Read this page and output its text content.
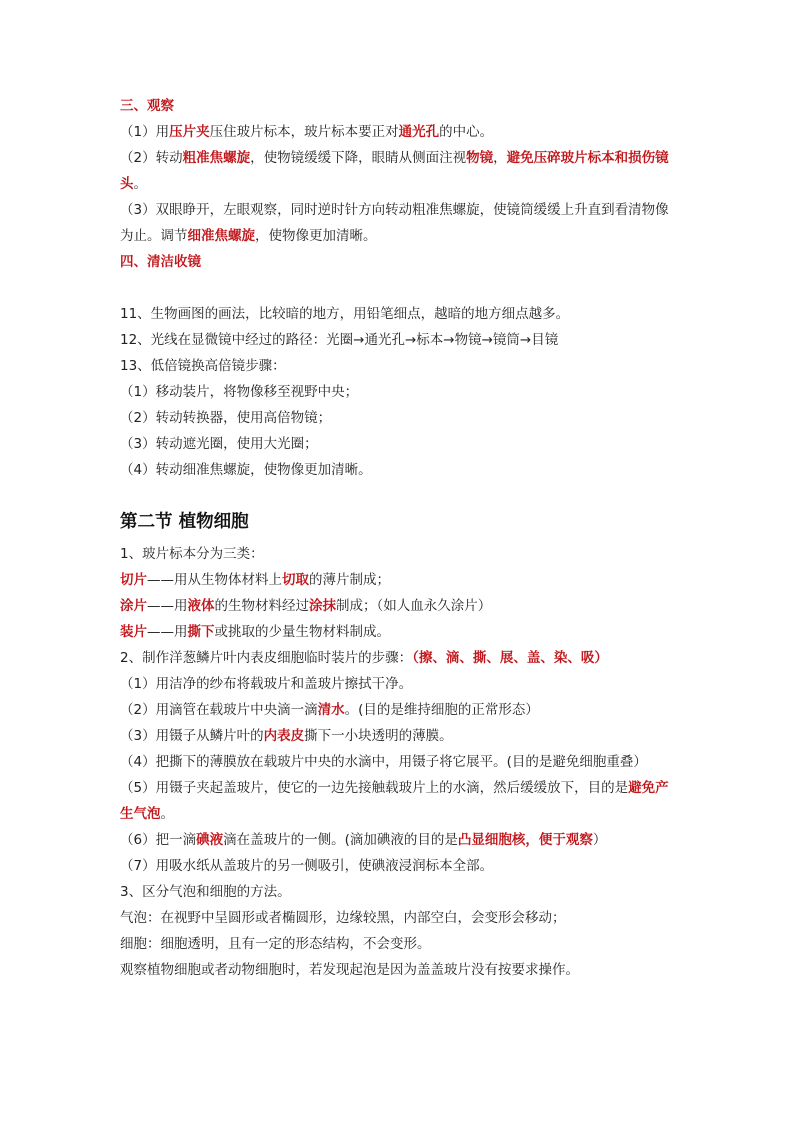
三、观察

（1）用压片夹压住玻片标本，玻片标本要正对通光孔的中心。

（2）转动粗准焦螺旋，使物镜缓缓下降，眼睛从侧面注视物镜，避免压碎玻片标本和损伤镜头。

（3）双眼睁开，左眼观察，同时逆时针方向转动粗准焦螺旋，使镜筒缓缓上升直到看清物像为止。调节细准焦螺旋，使物像更加清晰。

四、清洁收镜

11、生物画图的画法，比较暗的地方，用铅笔细点，越暗的地方细点越多。

12、光线在显微镜中经过的路径：光圈→通光孔→标本→物镜→镜筒→目镜

13、低倍镜换高倍镜步骤：

（1）移动装片，将物像移至视野中央；

（2）转动转换器，使用高倍物镜；

（3）转动遮光圈，使用大光圈；

（4）转动细准焦螺旋，使物像更加清晰。

第二节 植物细胞

1、玻片标本分为三类：

切片——用从生物体材料上切取的薄片制成；

涂片——用液体的生物材料经过涂抹制成；（如人血永久涂片）

装片——用撕下或挑取的少量生物材料制成。

2、制作洋葱鳞片叶内表皮细胞临时装片的步骤：（擦、滴、撕、展、盖、染、吸）

（1）用洁净的纱布将载玻片和盖玻片擦拭干净。

（2）用滴管在载玻片中央滴一滴清水。(目的是维持细胞的正常形态）

（3）用镊子从鳞片叶的内表皮撕下一小块透明的薄膜。

（4）把撕下的薄膜放在载玻片中央的水滴中，用镊子将它展平。(目的是避免细胞重叠）

（5）用镊子夹起盖玻片，使它的一边先接触载玻片上的水滴，然后缓缓放下，目的是避免产生气泡。

（6）把一滴碘液滴在盖玻片的一侧。(滴加碘液的目的是凸显细胞核，便于观察）

（7）用吸水纸从盖玻片的另一侧吸引，使碘液浸润标本全部。

3、区分气泡和细胞的方法。

气泡：在视野中呈圆形或者椭圆形，边缘较黑，内部空白，会变形会移动；

细胞：细胞透明，且有一定的形态结构，不会变形。

观察植物细胞或者动物细胞时，若发现起泡是因为盖盖玻片没有按要求操作。
